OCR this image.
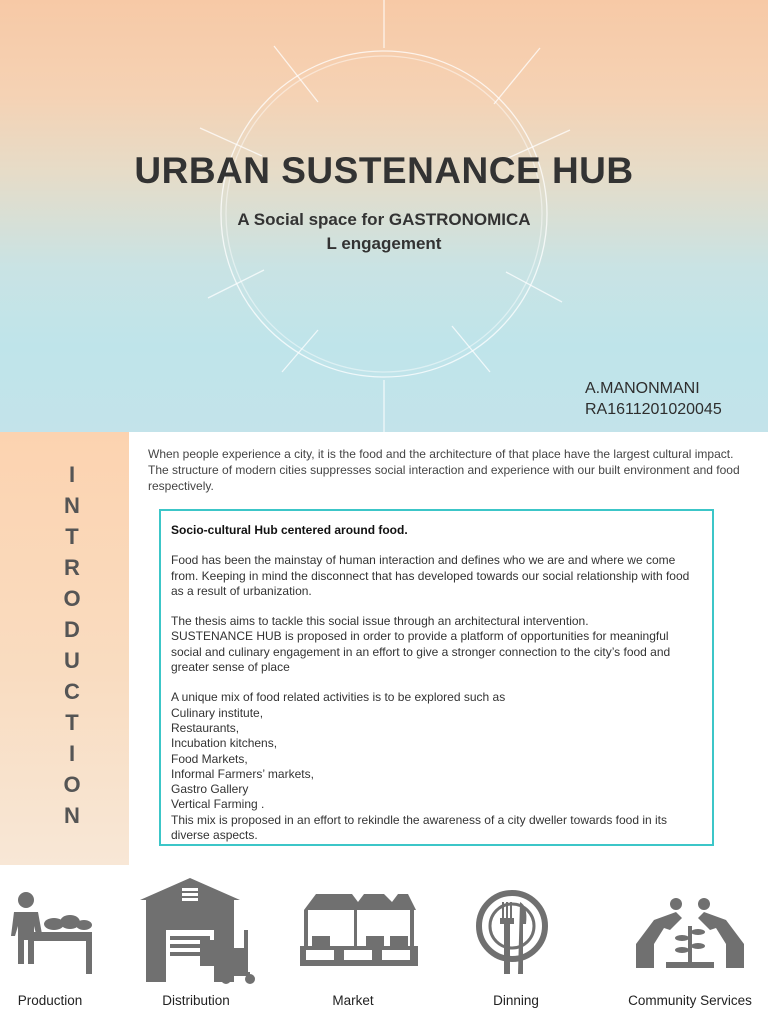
URBAN SUSTENANCE HUB
A Social space for GASTRONOMICA
L engagement
A.MANONMANI
RA1611201020045
I
N
T
R
O
D
U
C
T
I
O
N

When people experience a city, it is the food and the architecture of that place have the largest cultural impact. The structure of modern cities suppresses social interaction and experience with our built environment and food respectively.

Socio-cultural Hub centered around food.

Food has been the mainstay of human interaction and defines who we are and where we come from. Keeping in mind the disconnect that has developed towards our social relationship with food as a result of urbanization.

The thesis aims to tackle this social issue through an architectural intervention.

SUSTENANCE HUB is proposed in order to provide a platform of opportunities for meaningful social and culinary engagement in an effort to give a stronger connection to the city’s food and greater sense of place

A unique mix of food related activities is to be explored such as

Culinary institute,

Restaurants,

Incubation kitchens,

Food Markets,

Informal Farmers’ markets,

Gastro Gallery

Vertical Farming .

This mix is proposed in an effort to rekindle the awareness of a city dweller towards food in its diverse aspects.

Production	Distribution	Market	Dinning	Community Services
